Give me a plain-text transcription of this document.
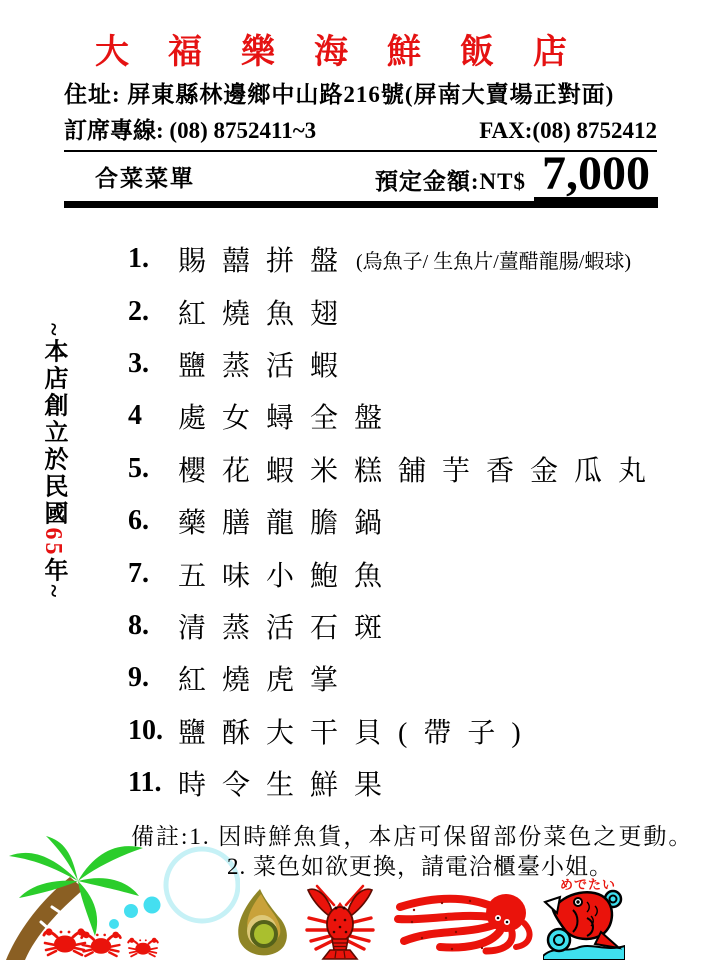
大福樂海鮮飯店
住址: 屏東縣林邊鄉中山路216號(屏南大賣場正對面)
訂席專線: (08) 8752411~3	FAX:(08) 8752412
合菜菜單	預定金額:NT$ 7,000
~本店創立於民國65年~
1.	賜囍拼盤 (烏魚子/ 生魚片/薑醋龍腸/蝦球)
2.	紅燒魚翅
3.	鹽蒸活蝦
4	處女蟳全盤
5.	櫻花蝦米糕舖芋香金瓜丸
6.	藥膳龍膽鍋
7.	五味小鮑魚
8.	清蒸活石斑
9.	紅燒虎掌
10. 鹽酥大干貝(帶子)
11. 時令生鮮果
備註:1. 因時鮮魚貨，本店可保留部份菜色之更動。
2. 菜色如欲更換，請電洽櫃臺小姐。
めでたい
